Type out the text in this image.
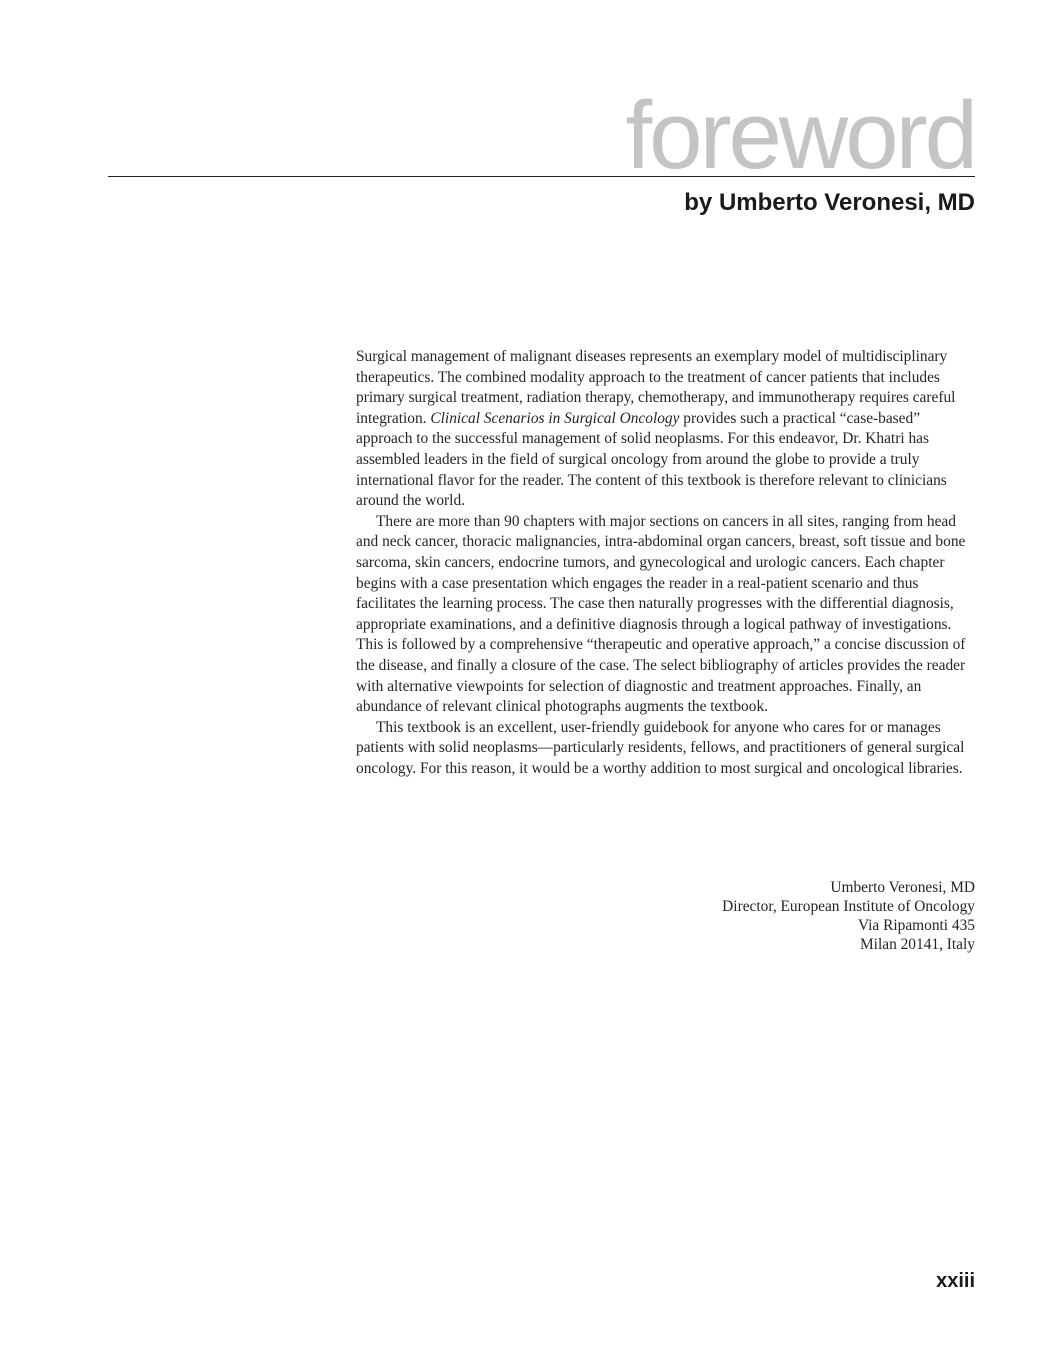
foreword
by Umberto Veronesi, MD

Surgical management of malignant diseases represents an exemplary model of multidisciplinary therapeutics. The combined modality approach to the treatment of cancer patients that includes primary surgical treatment, radiation therapy, chemotherapy, and immunotherapy requires careful integration. Clinical Scenarios in Surgical Oncology provides such a practical “case-based” approach to the successful management of solid neoplasms. For this endeavor, Dr. Khatri has assembled leaders in the field of surgical oncology from around the globe to provide a truly international flavor for the reader. The content of this textbook is therefore relevant to clinicians around the world.

There are more than 90 chapters with major sections on cancers in all sites, ranging from head and neck cancer, thoracic malignancies, intra-abdominal organ cancers, breast, soft tissue and bone sarcoma, skin cancers, endocrine tumors, and gynecological and urologic cancers. Each chapter begins with a case presentation which engages the reader in a real-patient scenario and thus facilitates the learning process. The case then naturally progresses with the differential diagnosis, appropriate examinations, and a definitive diagnosis through a logical pathway of investigations. This is followed by a comprehensive “therapeutic and operative approach,” a concise discussion of the disease, and finally a closure of the case. The select bibliography of articles provides the reader with alternative viewpoints for selection of diagnostic and treatment approaches. Finally, an abundance of relevant clinical photographs augments the textbook.

This textbook is an excellent, user-friendly guidebook for anyone who cares for or manages patients with solid neoplasms—particularly residents, fellows, and practitioners of general surgical oncology. For this reason, it would be a worthy addition to most surgical and oncological libraries.

Umberto Veronesi, MD
Director, European Institute of Oncology
Via Ripamonti 435
Milan 20141, Italy
xxiii
